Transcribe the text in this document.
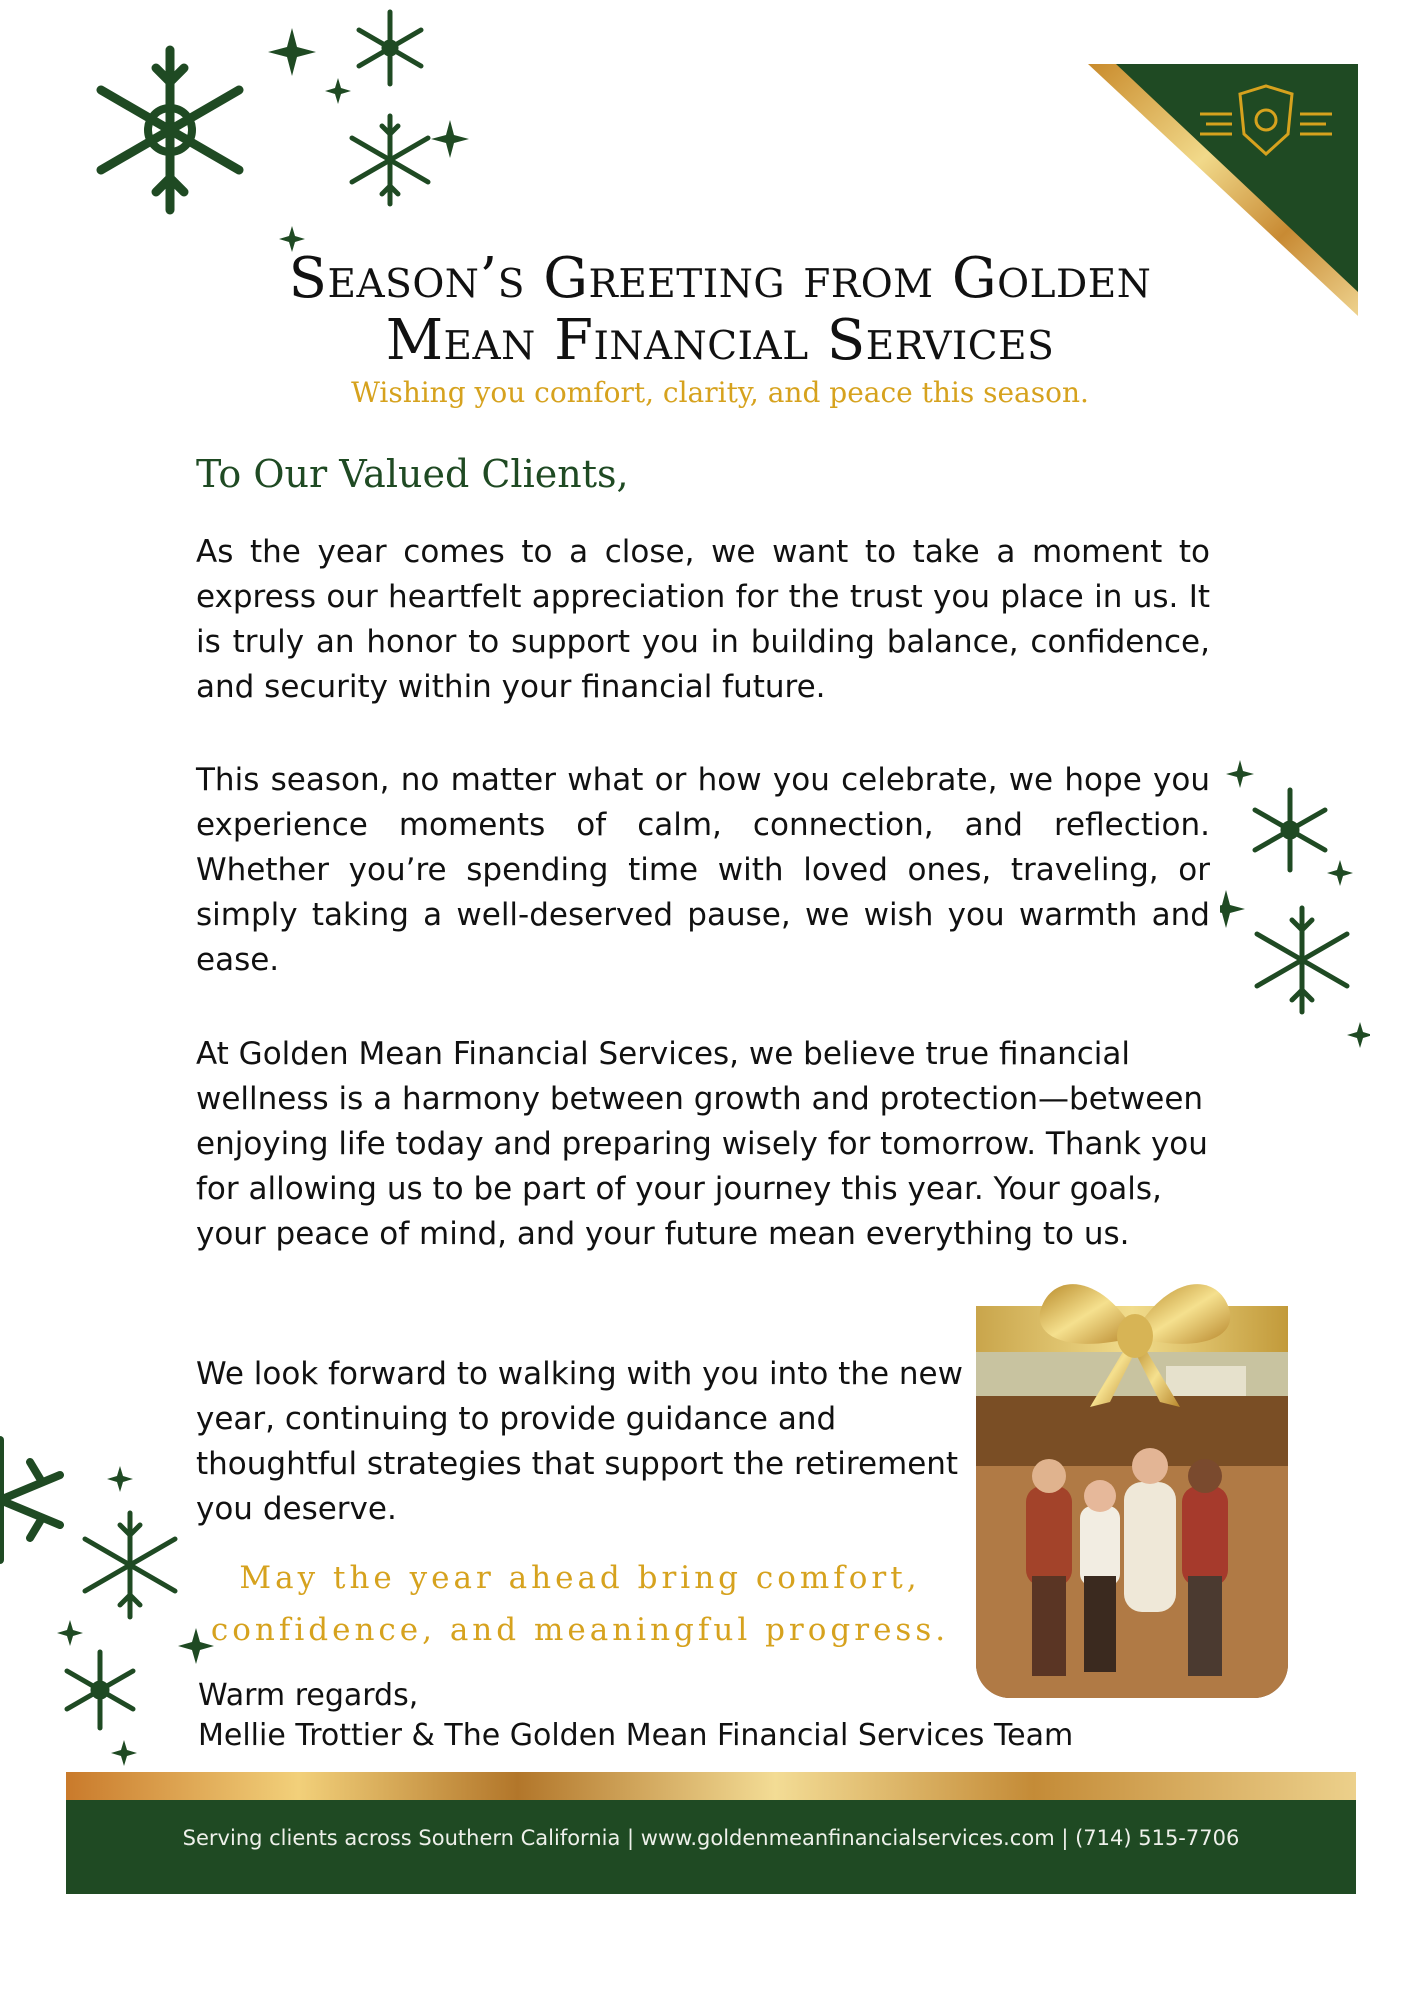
Season’s Greeting from Golden
Mean Financial Services
Wishing you comfort, clarity, and peace this season.
To Our Valued Clients,
As the year comes to a close, we want to take a moment to express our heartfelt appreciation for the trust you place in us. It is truly an honor to support you in building balance, confidence, and security within your financial future.
This season, no matter what or how you celebrate, we hope you experience moments of calm, connection, and reflection. Whether you’re spending time with loved ones, traveling, or simply taking a well-deserved pause, we wish you warmth and ease.
At Golden Mean Financial Services, we believe true financial wellness is a harmony between growth and protection—between enjoying life today and preparing wisely for tomorrow. Thank you for allowing us to be part of your journey this year. Your goals, your peace of mind, and your future mean everything to us.
We look forward to walking with you into the new year, continuing to provide guidance and thoughtful strategies that support the retirement you deserve.
May the year ahead bring comfort,
confidence, and meaningful progress.
Warm regards,
Mellie Trottier & The Golden Mean Financial Services Team
Serving clients across Southern California | www.goldenmeanfinancialservices.com | (714) 515-7706
